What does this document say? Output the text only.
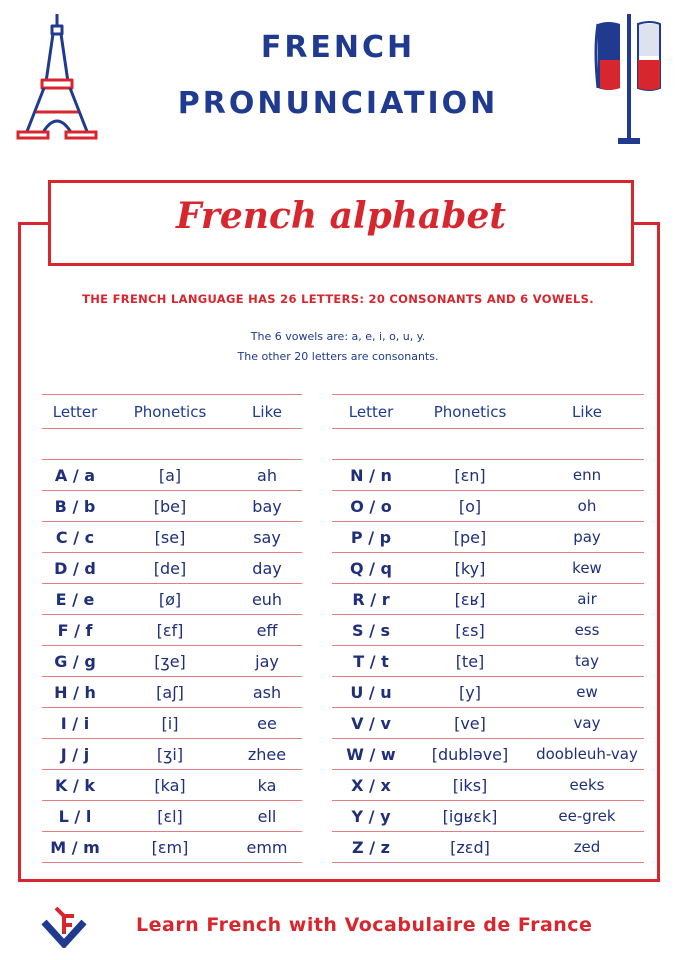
FRENCH
PRONUNCIATION
French alphabet
THE FRENCH LANGUAGE HAS 26 LETTERS: 20 CONSONANTS AND 6 VOWELS.
The 6 vowels are: a, e, i, o, u, y.
The other 20 letters are consonants.
Letter	Phonetics	Like
A / a	[a]	ah
B / b	[be]	bay
C / c	[se]	say
D / d	[de]	day
E / e	[ø]	euh
F / f	[ɛf]	eff
G / g	[ʒe]	jay
H / h	[aʃ]	ash
I / i	[i]	ee
J / j	[ʒi]	zhee
K / k	[ka]	ka
L / l	[ɛl]	ell
M / m	[ɛm]	emm
Letter	Phonetics	Like
N / n	[ɛn]	enn
O / o	[o]	oh
P / p	[pe]	pay
Q / q	[ky]	kew
R / r	[ɛʁ]	air
S / s	[ɛs]	ess
T / t	[te]	tay
U / u	[y]	ew
V / v	[ve]	vay
W / w	[dublǝve]	doobleuh-vay
X / x	[iks]	eeks
Y / y	[igʁɛk]	ee-grek
Z / z	[zɛd]	zed
Learn French with Vocabulaire de France
